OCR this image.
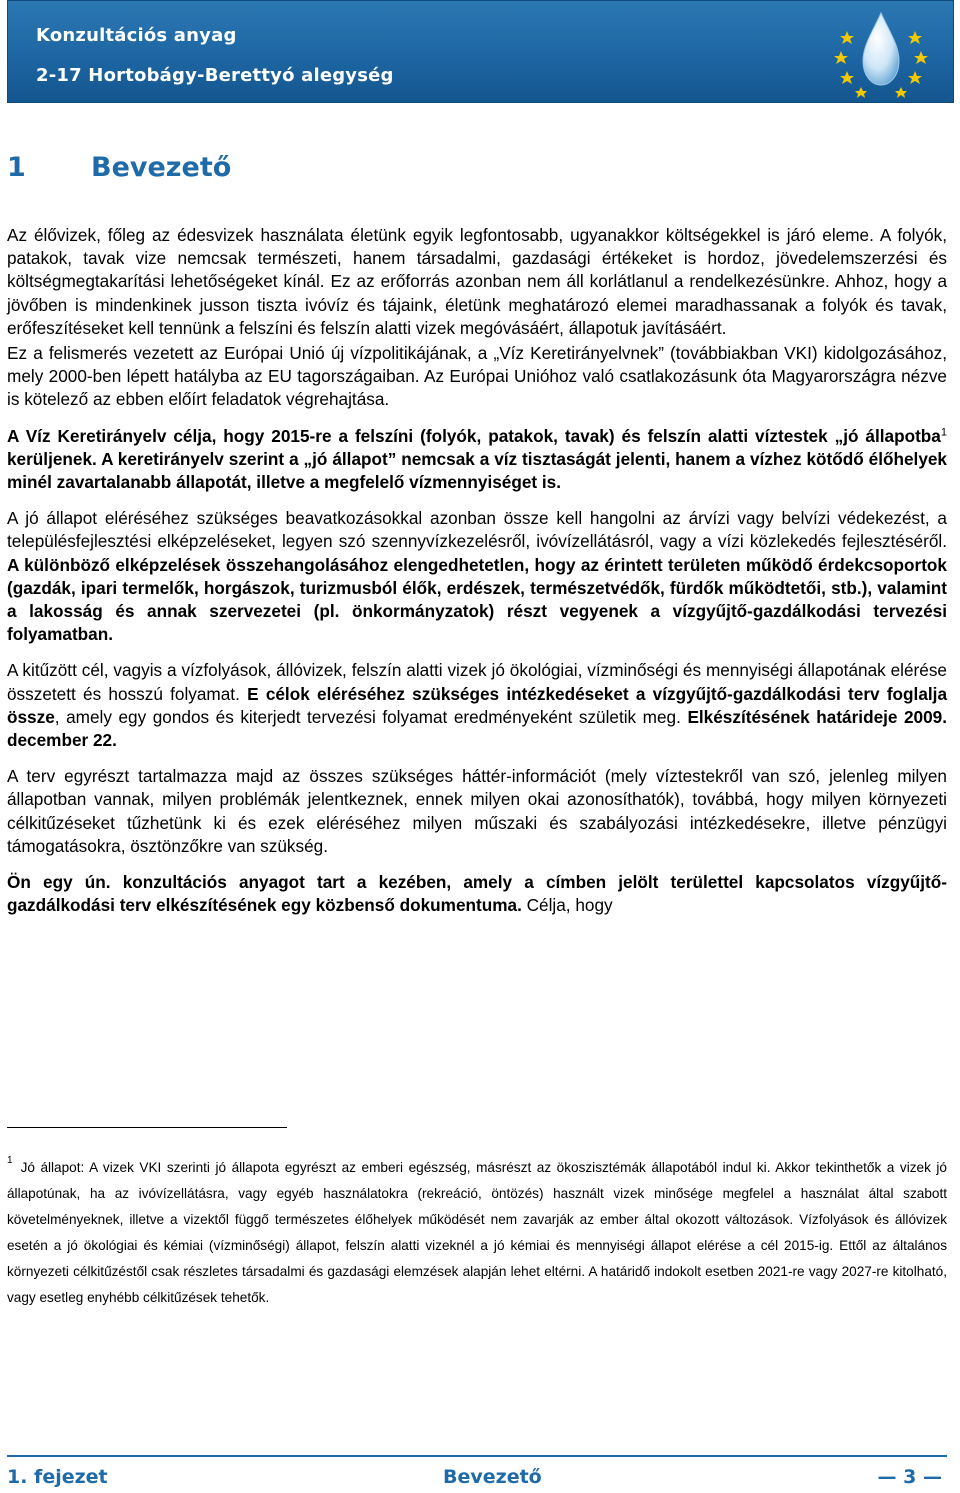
Konzultációs anyag
2-17 Hortobágy-Berettyó alegység
1 Bevezető

Az élővizek, főleg az édesvizek használata életünk egyik legfontosabb, ugyanakkor költségekkel is járó eleme. A folyók, patakok, tavak vize nemcsak természeti, hanem társadalmi, gazdasági értékeket is hordoz, jövedelemszerzési és költségmegtakarítási lehetőségeket kínál. Ez az erőforrás azonban nem áll korlátlanul a rendelkezésünkre. Ahhoz, hogy a jövőben is mindenkinek jusson tiszta ivóvíz és tájaink, életünk meghatározó elemei maradhassanak a folyók és tavak, erőfeszítéseket kell tennünk a felszíni és felszín alatti vizek megóvásáért, állapotuk javításáért.

Ez a felismerés vezetett az Európai Unió új vízpolitikájának, a „Víz Keretirányelvnek” (továbbiakban VKI) kidolgozásához, mely 2000-ben lépett hatályba az EU tagországaiban. Az Európai Unióhoz való csatlakozásunk óta Magyarországra nézve is kötelező az ebben előírt feladatok végrehajtása.

A Víz Keretirányelv célja, hogy 2015-re a felszíni (folyók, patakok, tavak) és felszín alatti víztestek „jó állapotba$^1$ kerüljenek. A keretirányelv szerint a „jó állapot” nemcsak a víz tisztaságát jelenti, hanem a vízhez kötődő élőhelyek minél zavartalanabb állapotát, illetve a megfelelő vízmennyiséget is.

A jó állapot eléréséhez szükséges beavatkozásokkal azonban össze kell hangolni az árvízi vagy belvízi védekezést, a településfejlesztési elképzeléseket, legyen szó szennyvízkezelésről, ivóvízellátásról, vagy a vízi közlekedés fejlesztéséről. A különböző elképzelések összehangolásához elengedhetetlen, hogy az érintett területen működő érdekcsoportok (gazdák, ipari termelők, horgászok, turizmusból élők, erdészek, természetvédők, fürdők működtetői, stb.), valamint a lakosság és annak szervezetei (pl. önkormányzatok) részt vegyenek a vízgyűjtő-gazdálkodási tervezési folyamatban.

A kitűzött cél, vagyis a vízfolyások, állóvizek, felszín alatti vizek jó ökológiai, vízminőségi és mennyiségi állapotának elérése összetett és hosszú folyamat. E célok eléréséhez szükséges intézkedéseket a vízgyűjtő-gazdálkodási terv foglalja össze, amely egy gondos és kiterjedt tervezési folyamat eredményeként születik meg. Elkészítésének határideje 2009. december 22.

A terv egyrészt tartalmazza majd az összes szükséges háttér-információt (mely víztestekről van szó, jelenleg milyen állapotban vannak, milyen problémák jelentkeznek, ennek milyen okai azonosíthatók), továbbá, hogy milyen környezeti célkitűzéseket tűzhetünk ki és ezek eléréséhez milyen műszaki és szabályozási intézkedésekre, illetve pénzügyi támogatásokra, ösztönzőkre van szükség.

Ön egy ún. konzultációs anyagot tart a kezében, amely a címben jelölt területtel kapcsolatos vízgyűjtő-gazdálkodási terv elkészítésének egy közbenső dokumentuma. Célja, hogy

$^1$ Jó állapot: A vizek VKI szerinti jó állapota egyrészt az emberi egészség, másrészt az ökoszisztémák állapotából indul ki. Akkor tekinthetők a vizek jó állapotúnak, ha az ivóvízellátásra, vagy egyéb használatokra (rekreáció, öntözés) használt vizek minősége megfelel a használat által szabott követelményeknek, illetve a vizektől függő természetes élőhelyek működését nem zavarják az ember által okozott változások. Vízfolyások és állóvizek esetén a jó ökológiai és kémiai (vízminőségi) állapot, felszín alatti vizeknél a jó kémiai és mennyiségi állapot elérése a cél 2015-ig. Ettől az általános környezeti célkitűzéstől csak részletes társadalmi és gazdasági elemzések alapján lehet eltérni. A határidő indokolt esetben 2021-re vagy 2027-re kitolható, vagy esetleg enyhébb célkitűzések tehetők.

1. fejezet	Bevezető	— 3 —
